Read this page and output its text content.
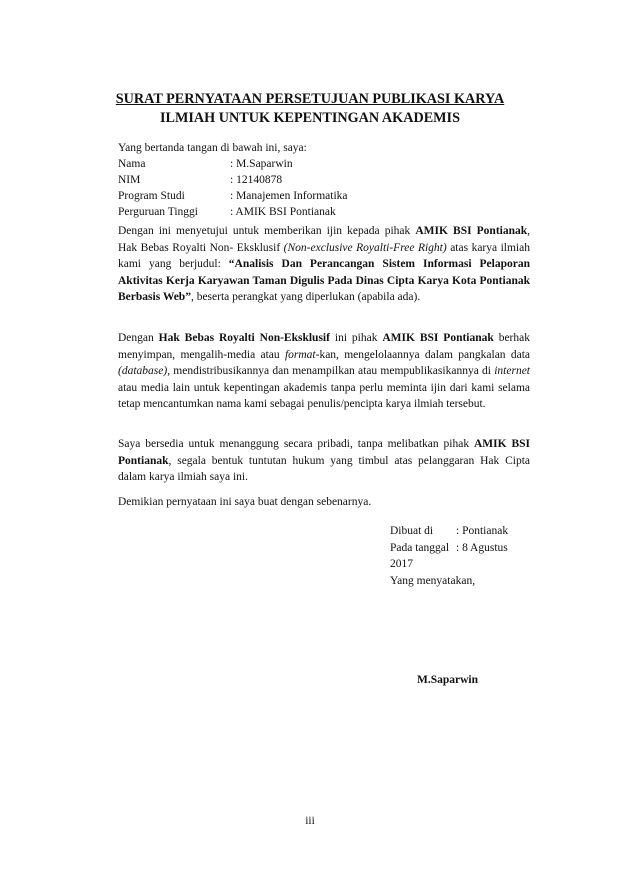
SURAT PERNYATAAN PERSETUJUAN PUBLIKASI KARYA
ILMIAH UNTUK KEPENTINGAN AKADEMIS
Yang bertanda tangan di bawah ini, saya:
Nama	: M.Saparwin
NIM	: 12140878
Program Studi	: Manajemen Informatika
Perguruan Tinggi	: AMIK BSI Pontianak

Dengan ini menyetujui untuk memberikan ijin kepada pihak AMIK BSI Pontianak, Hak Bebas Royalti Non- Eksklusif (Non-exclusive Royalti-Free Right) atas karya ilmiah kami yang berjudul: “Analisis Dan Perancangan Sistem Informasi Pelaporan Aktivitas Kerja Karyawan Taman Digulis Pada Dinas Cipta Karya Kota Pontianak Berbasis Web”, beserta perangkat yang diperlukan (apabila ada).

Dengan Hak Bebas Royalti Non-Eksklusif ini pihak AMIK BSI Pontianak berhak menyimpan, mengalih-media atau format-kan, mengelolaannya dalam pangkalan data (database), mendistribusikannya dan menampilkan atau mempublikasikannya di internet atau media lain untuk kepentingan akademis tanpa perlu meminta ijin dari kami selama tetap mencantumkan nama kami sebagai penulis/pencipta karya ilmiah tersebut.

Saya bersedia untuk menanggung secara pribadi, tanpa melibatkan pihak AMIK BSI Pontianak, segala bentuk tuntutan hukum yang timbul atas pelanggaran Hak Cipta dalam karya ilmiah saya ini.

Demikian pernyataan ini saya buat dengan sebenarnya.

Dibuat di	: Pontianak
Pada tanggal : 8 Agustus
2017
Yang menyatakan,
M.Saparwin
iii
